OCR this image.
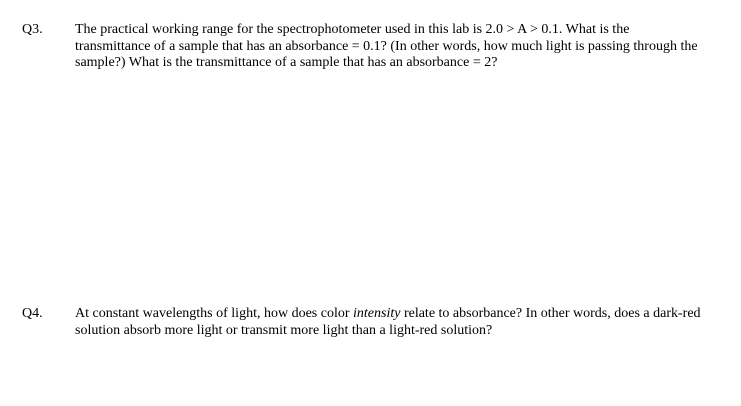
Q3. The practical working range for the spectrophotometer used in this lab is 2.0 > A > 0.1. What is the
transmittance of a sample that has an absorbance = 0.1? (In other words, how much light is passing through the
sample?) What is the transmittance of a sample that has an absorbance = 2?
Q4. At constant wavelengths of light, how does color intensity relate to absorbance? In other words, does a dark-red
solution absorb more light or transmit more light than a light-red solution?
